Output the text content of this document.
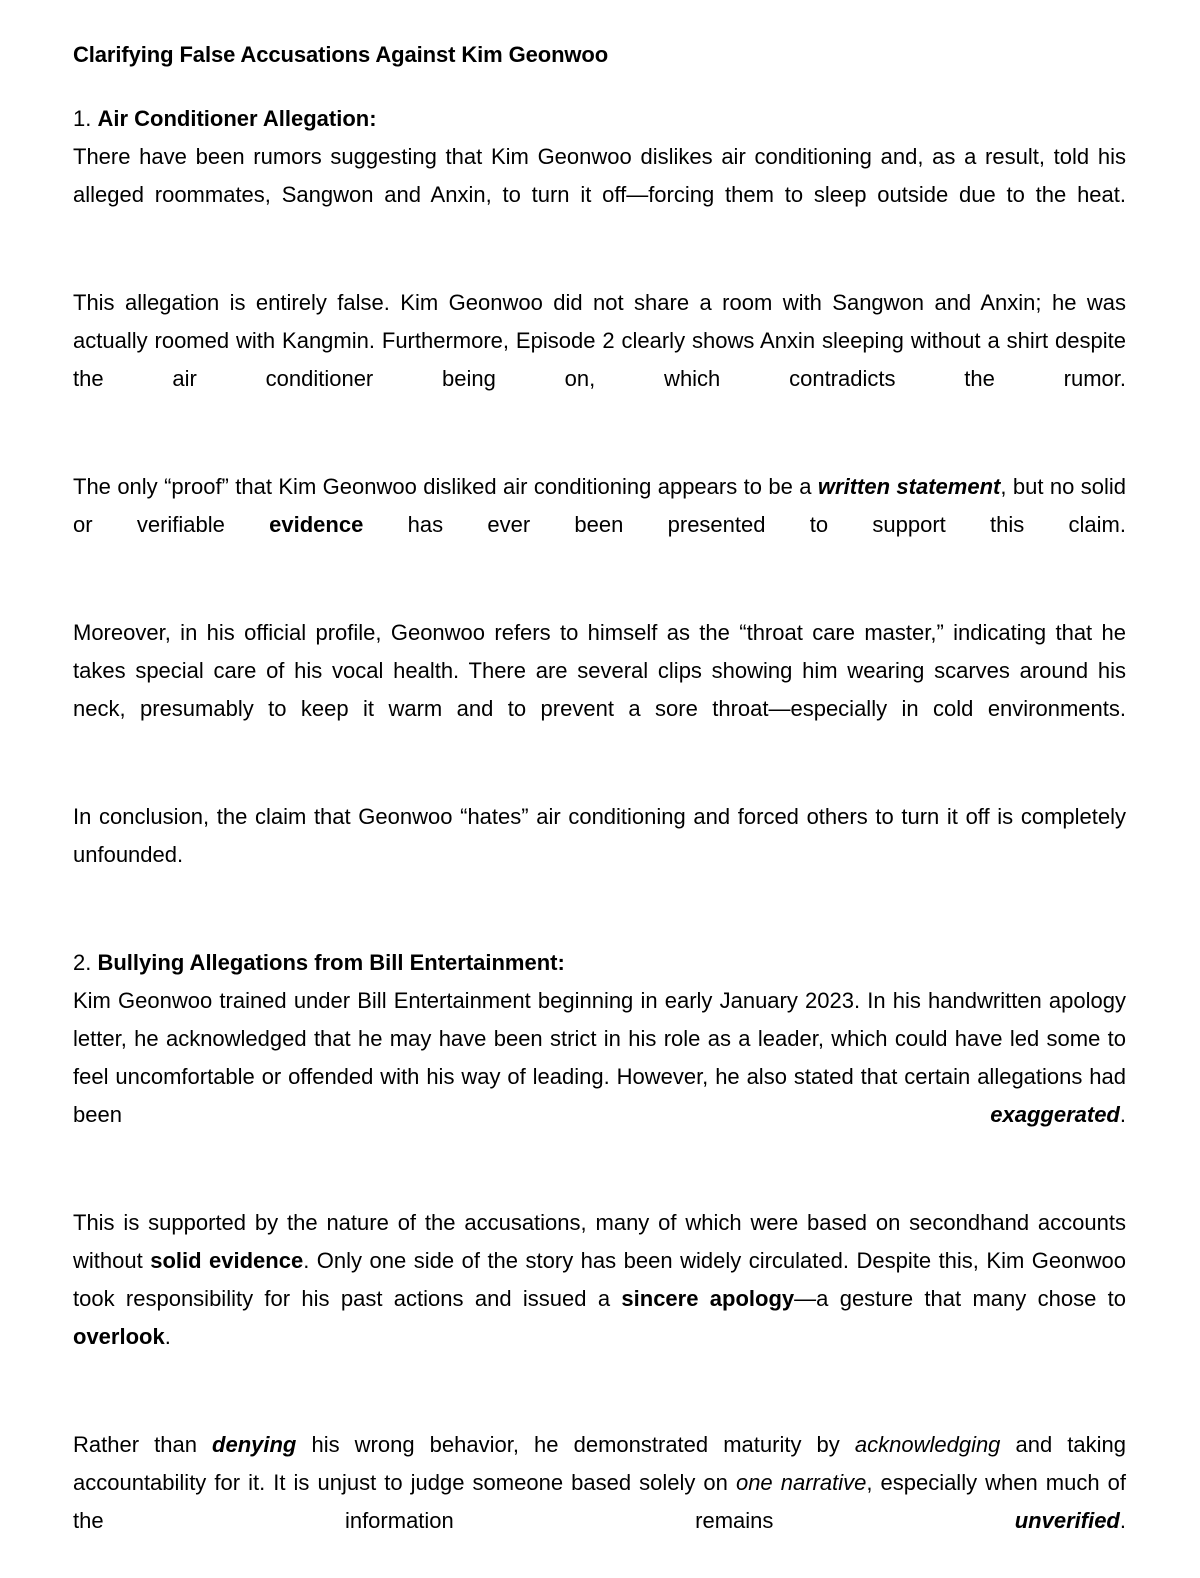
Clarifying False Accusations Against Kim Geonwoo
1. Air Conditioner Allegation:

There have been rumors suggesting that Kim Geonwoo dislikes air conditioning and, as a result, told his alleged roommates, Sangwon and Anxin, to turn it off—forcing them to sleep outside due to the heat.

This allegation is entirely false. Kim Geonwoo did not share a room with Sangwon and Anxin; he was actually roomed with Kangmin. Furthermore, Episode 2 clearly shows Anxin sleeping without a shirt despite the air conditioner being on, which contradicts the rumor.

The only “proof” that Kim Geonwoo disliked air conditioning appears to be a written statement, but no solid or verifiable evidence has ever been presented to support this claim.

Moreover, in his official profile, Geonwoo refers to himself as the “throat care master,” indicating that he takes special care of his vocal health. There are several clips showing him wearing scarves around his neck, presumably to keep it warm and to prevent a sore throat—especially in cold environments.

In conclusion, the claim that Geonwoo “hates” air conditioning and forced others to turn it off is completely unfounded.

2. Bullying Allegations from Bill Entertainment:

Kim Geonwoo trained under Bill Entertainment beginning in early January 2023. In his handwritten apology letter, he acknowledged that he may have been strict in his role as a leader, which could have led some to feel uncomfortable or offended with his way of leading. However, he also stated that certain allegations had been exaggerated.

This is supported by the nature of the accusations, many of which were based on secondhand accounts without solid evidence. Only one side of the story has been widely circulated. Despite this, Kim Geonwoo took responsibility for his past actions and issued a sincere apology—a gesture that many chose to overlook.

Rather than denying his wrong behavior, he demonstrated maturity by acknowledging and taking accountability for it. It is unjust to judge someone based solely on one narrative, especially when much of the information remains unverified.
